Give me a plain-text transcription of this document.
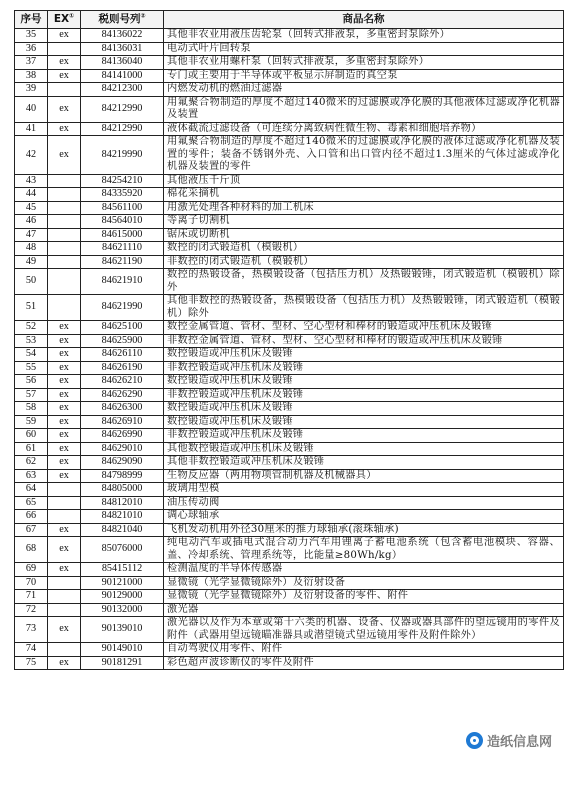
序号	EX①	税则号列②	商品名称
35	ex	84136022	其他非农业用液压齿轮泵（回转式排液泵，多重密封泵除外）
36		84136031	电动式叶片回转泵
37	ex	84136040	其他非农业用螺杆泵（回转式排液泵，多重密封泵除外）
38	ex	84141000	专门或主要用于半导体或平板显示屏制造的真空泵
39		84212300	内燃发动机的燃油过滤器
40	ex	84212990	用氟聚合物制造的厚度不超过140微米的过滤膜或净化膜的其他液体过滤或净化机器及装置
41	ex	84212990	液体截流过滤设备（可连续分离致病性微生物、毒素和细胞培养物）
42	ex	84219990	用氟聚合物制造的厚度不超过140微米的过滤膜或净化膜的液体过滤或净化机器及装置的零件；装备不锈钢外壳、入口管和出口管内径不超过1.3厘米的气体过滤或净化机器及装置的零件
43		84254210	其他液压千斤顶
44		84335920	棉花采摘机
45		84561100	用激光处理各种材料的加工机床
46		84564010	等离子切割机
47		84615000	锯床或切断机
48		84621110	数控的闭式锻造机（模锻机）
49		84621190	非数控的闭式锻造机（模锻机）
50		84621910	数控的热锻设备，热模锻设备（包括压力机）及热锻锻锤，闭式锻造机（模锻机）除外
51		84621990	其他非数控的热锻设备，热模锻设备（包括压力机）及热锻锻锤，闭式锻造机（模锻机）除外
52	ex	84625100	数控金属管道、管材、型材、空心型材和棒材的锻造或冲压机床及锻锤
53	ex	84625900	非数控金属管道、管材、型材、空心型材和棒材的锻造或冲压机床及锻锤
54	ex	84626110	数控锻造或冲压机床及锻锤
55	ex	84626190	非数控锻造或冲压机床及锻锤
56	ex	84626210	数控锻造或冲压机床及锻锤
57	ex	84626290	非数控锻造或冲压机床及锻锤
58	ex	84626300	数控锻造或冲压机床及锻锤
59	ex	84626910	数控锻造或冲压机床及锻锤
60	ex	84626990	非数控锻造或冲压机床及锻锤
61	ex	84629010	其他数控锻造或冲压机床及锻锤
62	ex	84629090	其他非数控锻造或冲压机床及锻锤
63	ex	84798999	生物反应器（两用物项管制机器及机械器具）
64		84805000	玻璃用型模
65		84812010	油压传动阀
66		84821010	调心球轴承
67	ex	84821040	飞机发动机用外径30厘米的推力球轴承(滚珠轴承)
68	ex	85076000	纯电动汽车或插电式混合动力汽车用锂离子蓄电池系统（包含蓄电池模块、容器、盖、冷却系统、管理系统等，比能量≥80Wh/kg）
69	ex	85415112	检测温度的半导体传感器
70		90121000	显微镜（光学显微镜除外）及衍射设备
71		90129000	显微镜（光学显微镜除外）及衍射设备的零件、附件
72		90132000	激光器
73	ex	90139010	激光器以及作为本章或第十六类的机器、设备、仪器或器具部件的望远镜用的零件及附件（武器用望远镜瞄准器具或潜望镜式望远镜用零件及附件除外）
74		90149010	自动驾驶仪用零件、附件
75	ex	90181291	彩色超声波诊断仪的零件及附件
造纸信息网
